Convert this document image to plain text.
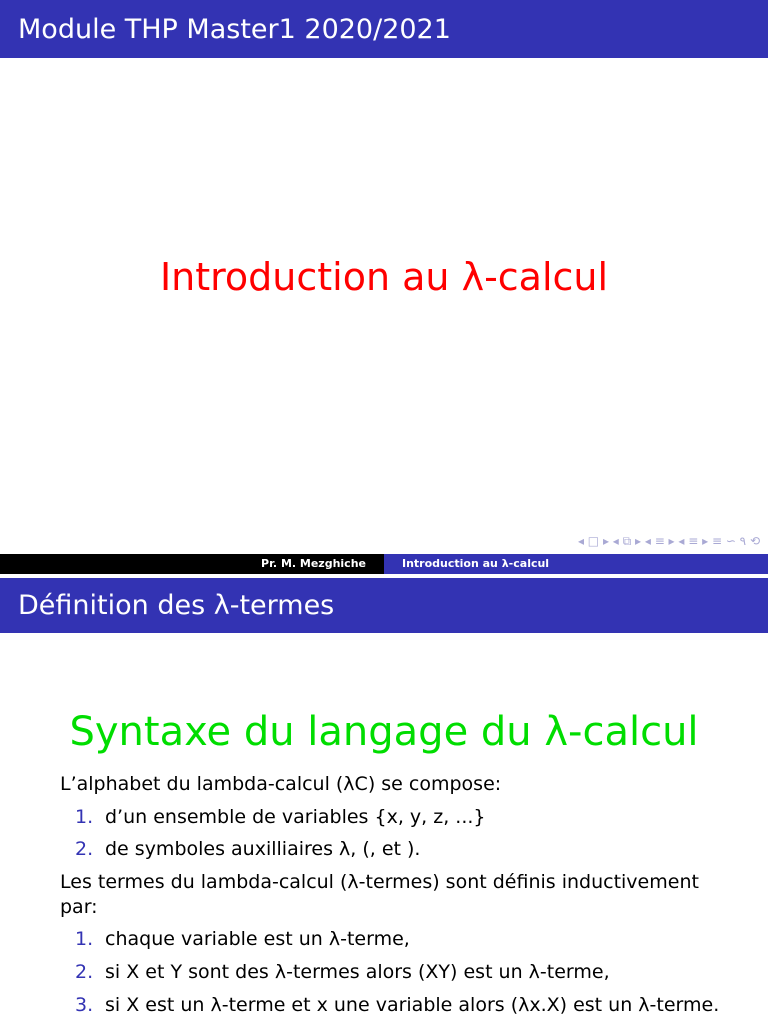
Module THP Master1 2020/2021
Introduction au λ-calcul
◂ □ ▸ ◂ ⧉ ▸ ◂ ≡ ▸ ◂ ≡ ▸ ≡ ∽ ۹ ⟲
Pr. M. Mezghiche	Introduction au λ-calcul
Définition des λ-termes
Syntaxe du langage du λ-calcul

L’alphabet du lambda-calcul (λC) se compose:

1. d’un ensemble de variables {x, y, z, ...}
2. de symboles auxilliaires λ, (, et ).

Les termes du lambda-calcul (λ-termes) sont définis inductivement par:

1. chaque variable est un λ-terme,
2. si X et Y sont des λ-termes alors (XY) est un λ-terme,
3. si X est un λ-terme et x une variable alors (λx.X) est un λ-terme.
